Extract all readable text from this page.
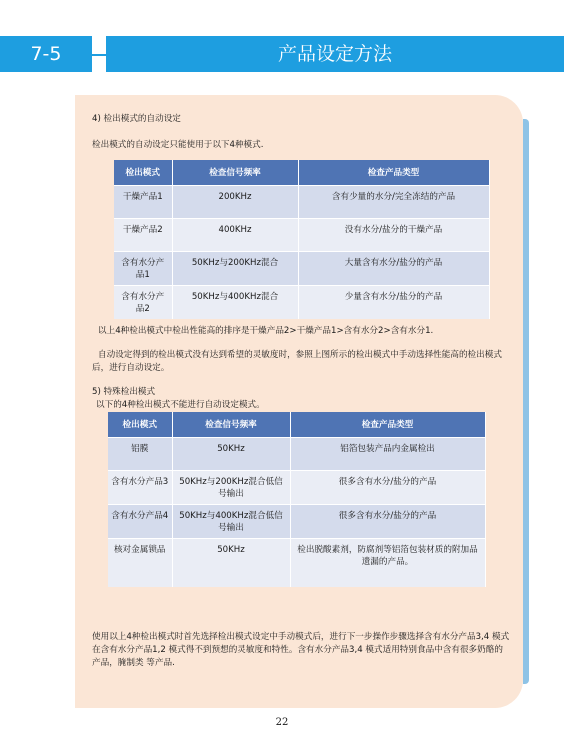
7-5	产品设定方法

4) 检出模式的自动设定

检出模式的自动设定只能使用于以下4种模式.

检出模式	检查信号频率	检查产品类型
干燥产品1	200KHz	含有少量的水分/完全冻结的产品
干燥产品2	400KHz	没有水分/盐分的干燥产品
含有水分产品1	50KHz与200KHz混合	大量含有水分/盐分的产品
含有水分产品2	50KHz与400KHz混合	少量含有水分/盐分的产品

以上4种检出模式中检出性能高的排序是干燥产品2>干燥产品1>含有水分2>含有水分1.

自动设定得到的检出模式没有达到希望的灵敏度时，参照上图所示的检出模式中手动选择性能高的检出模式后，进行自动设定。

5) 特殊检出模式

以下的4种检出模式不能进行自动设定模式。

检出模式	检查信号频率	检查产品类型
铝膜	50KHz	铝箔包装产品内金属检出
含有水分产品3	50KHz与200KHz混合低信号输出	很多含有水分/盐分的产品
含有水分产品4	50KHz与400KHz混合低信号输出	很多含有水分/盐分的产品
核对金属锁品	50KHz	检出脱酸素剂，防腐剂等铝箔包装材质的附加品遗漏的产品。

使用以上4种检出模式时首先选择检出模式设定中手动模式后，进行下一步操作步骤选择含有水分产品3,4 模式在含有水分产品1,2 模式得不到预想的灵敏度和特性。含有水分产品3,4 模式适用特别食品中含有很多奶酪的产品，腌制类 等产品.

22
